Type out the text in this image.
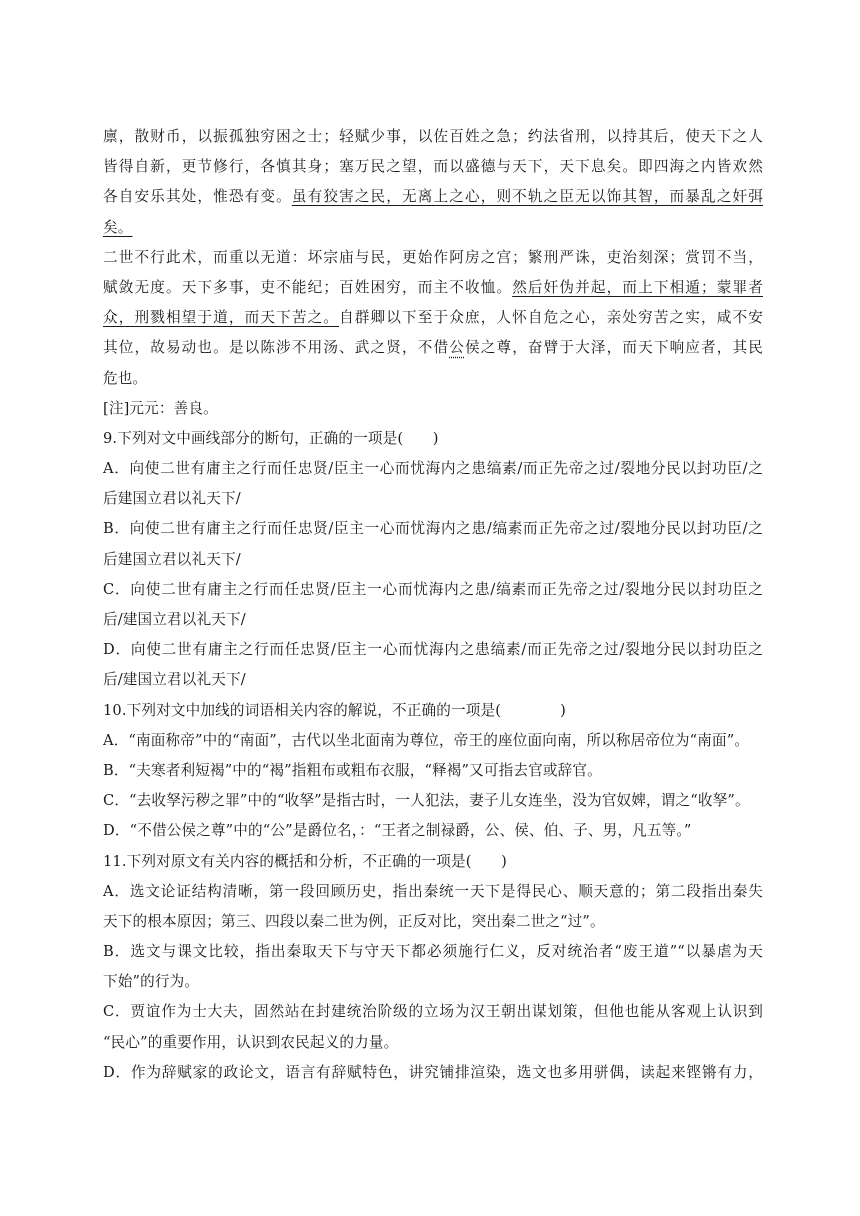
廪，散财币，以振孤独穷困之士；轻赋少事，以佐百姓之急；约法省刑，以持其后，使天下之人
皆得自新，更节修行，各慎其身；塞万民之望，而以盛德与天下，天下息矣。即四海之内皆欢然
各自安乐其处，惟恐有变。虽有狡害之民，无离上之心，则不轨之臣无以饰其智，而暴乱之奸弭
矣。
二世不行此术，而重以无道：坏宗庙与民，更始作阿房之宫；繁刑严诛，吏治刻深；赏罚不当，
赋敛无度。天下多事，吏不能纪；百姓困穷，而主不收恤。然后奸伪并起，而上下相遁；蒙罪者
众，刑戮相望于道，而天下苦之。自群卿以下至于众庶，人怀自危之心，亲处穷苦之实，咸不安
其位，故易动也。是以陈涉不用汤、武之贤，不借公侯之尊，奋臂于大泽，而天下响应者，其民
危也。
[注]元元：善良。
9.下列对文中画线部分的断句，正确的一项是(　　)
A．向使二世有庸主之行而任忠贤/臣主一心而忧海内之患缟素/而正先帝之过/裂地分民以封功臣/之
后建国立君以礼天下/
B．向使二世有庸主之行而任忠贤/臣主一心而忧海内之患/缟素而正先帝之过/裂地分民以封功臣/之
后建国立君以礼天下/
C．向使二世有庸主之行而任忠贤/臣主一心而忧海内之患/缟素而正先帝之过/裂地分民以封功臣之
后/建国立君以礼天下/
D．向使二世有庸主之行而任忠贤/臣主一心而忧海内之患缟素/而正先帝之过/裂地分民以封功臣之
后/建国立君以礼天下/
10.下列对文中加线的词语相关内容的解说，不正确的一项是(　　　　)
A．“南面称帝”中的“南面”，古代以坐北面南为尊位，帝王的座位面向南，所以称居帝位为“南面”。
B．“夫寒者利短褐”中的“褐”指粗布或粗布衣服，“释褐”又可指去官或辞官。
C．“去收孥污秽之罪”中的“收孥”是指古时，一人犯法，妻子儿女连坐，没为官奴婢，谓之“收孥”。
D．“不借公侯之尊”中的“公”是爵位名，：“王者之制禄爵，公、侯、伯、子、男，凡五等。”
11.下列对原文有关内容的概括和分析，不正确的一项是(　　)
A．选文论证结构清晰，第一段回顾历史，指出秦统一天下是得民心、顺天意的；第二段指出秦失
天下的根本原因；第三、四段以秦二世为例，正反对比，突出秦二世之“过”。
B．选文与课文比较，指出秦取天下与守天下都必须施行仁义，反对统治者“废王道”“以暴虐为天
下始”的行为。
C．贾谊作为士大夫，固然站在封建统治阶级的立场为汉王朝出谋划策，但他也能从客观上认识到
“民心”的重要作用，认识到农民起义的力量。
D．作为辞赋家的政论文，语言有辞赋特色，讲究铺排渲染，选文也多用骈偶，读起来铿锵有力，
